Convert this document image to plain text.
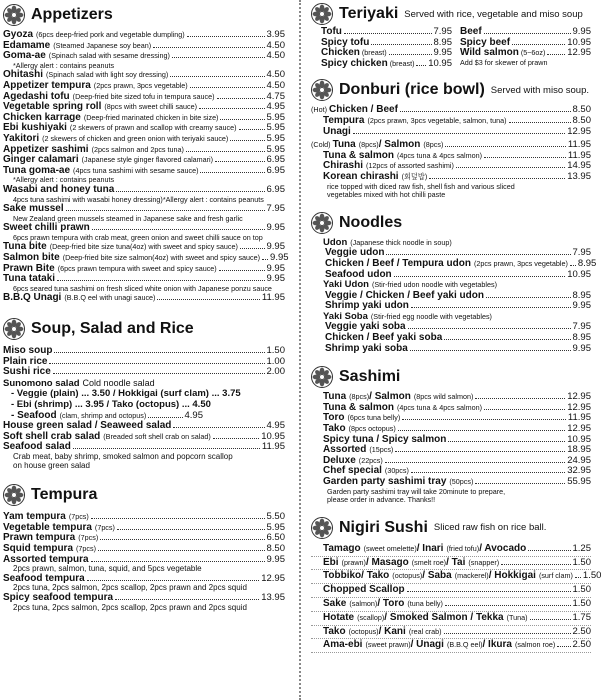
Appetizers
Gyoza (6pcs deep-fried pork and vegetable dumpling)	3.95
Edamame (Steamed Japanese soy bean)	4.50
Goma-ae (Spinach salad with sesame dressing)	4.50
*Allergy alert : contains peanuts
Ohitashi (Spinach salad with light soy dressing)	4.50
Appetizer tempura (2pcs prawn, 3pcs vegetable)	4.50
Agedashi tofu (Deep-fried bite sized tofu in tempura sauce)	4.75
Vegetable spring roll (8pcs with sweet chilli sauce)	4.95
Chicken karrage (Deep-fried marinated chicken in bite size)	5.95
Ebi kushiyaki (2 skewers of prawn and scallop with creamy sauce)	5.95
Yakitori (2 skewers of chicken and green onion with teriyaki sauce)	5.95
Appetizer sashimi (2pcs salmon and 2pcs tuna)	5.95
Ginger calamari (Japanese style ginger flavored calamari)	6.95
Tuna goma-ae (4pcs tuna sashimi with sesame sauce)	6.95
*Allergy alert : contains peanuts
Wasabi and honey tuna	6.95
4pcs tuna sashimi with wasabi honey dressing)*Allergy alert : contains peanuts
Sake mussel	7.95
New Zealand green mussels steamed in Japanese sake and fresh garlic
Sweet chilli prawn	9.95
6pcs prawn tempura with crab meat, green onion and sweet chilli sauce on top
Tuna bite (Deep-fried bite size tuna(4oz) with sweet and spicy sauce)	9.95
Salmon bite (Deep-fried bite size salmon(4oz) with sweet and spicy sauce) 9.95
Prawn Bite (6pcs prawn tempura with sweet and spicy sauce)	9.95
Tuna tataki	9.95
6pcs seared tuna sashimi on fresh sliced white onion with Japanese ponzu sauce
B.B.Q Unagi (B.B.Q eel with unagi sauce)	11.95
Soup, Salad and Rice
Miso soup	1.50
Plain rice	1.00
Sushi rice	2.00
Sunomono salad Cold noodle salad
- Veggie (plain) ... 3.50 / Hokkigai (surf clam) ... 3.75
- Ebi (shrimp) ... 3.95 / Tako (octopus) ... 4.50
- Seafood (clam, shrimp and octopus)	4.95
House green salad / Seaweed salad	4.95
Soft shell crab salad (Breaded soft shell crab on salad)	10.95
Seafood salad	11.95
Crab meat, baby shrimp, smoked salmon and popcorn scallop
on house green salad
Tempura
Yam tempura (7pcs)	5.50
Vegetable tempura (7pcs)	5.95
Prawn tempura (7pcs)	6.50
Squid tempura (7pcs)	8.50
Assorted tempura	9.95
2pcs prawn, salmon, tuna, squid, and 5pcs vegetable
Seafood tempura	12.95
2pcs tuna, 2pcs salmon, 2pcs scallop, 2pcs prawn and 2pcs squid
Spicy seafood tempura	13.95
2pcs tuna, 2pcs salmon, 2pcs scallop, 2pcs prawn and 2pcs squid
Teriyaki Served with rice, vegetable and miso soup
Tofu	7.95
Spicy tofu	8.95
Chicken (breast)	9.95
Spicy chicken (breast) 10.95
Beef	9.95
Spicy beef	10.95
Wild salmon (5~6oz) 12.95
Add $3 for skewer of prawn
Donburi (rice bowl) Served with miso soup.
(Hot) Chicken / Beef	8.50
Tempura (2pcs prawn, 3pcs vegetable, salmon, tuna)	8.50
Unagi	12.95
(Cold) Tuna (8pcs) / Salmon (8pcs)	11.95
Tuna & salmon (4pcs tuna & 4pcs salmon)	11.95
Chirashi (12pcs of assorted sashimi)	14.95
Korean chirashi (회덮밥)	13.95
rice topped with diced raw fish, shell fish and various sliced
vegetables mixed with hot chilli paste
Noodles
Udon (Japanese thick noodle in soup)
Veggie udon	7.95
Chicken / Beef / Tempura udon (2pcs prawn, 3pcs vegetable) 8.95
Seafood udon	10.95
Yaki Udon (Stir-fried udon noodle with vegetables)
Veggie / Chicken / Beef yaki udon	8.95
Shrimp yaki udon	9.95
Yaki Soba (Stir-fried egg noodle with vegetables)
Veggie yaki soba	7.95
Chicken / Beef yaki soba	8.95
Shrimp yaki soba	9.95
Sashimi
Tuna (8pcs) / Salmon (8pcs wild salmon)	12.95
Tuna & salmon (4pcs tuna & 4pcs salmon)	12.95
Toro (6pcs tuna belly)	11.95
Tako (8pcs octopus)	12.95
Spicy tuna / Spicy salmon	10.95
Assorted (15pcs)	18.95
Deluxe (22pcs)	24.95
Chef special (30pcs)	32.95
Garden party sashimi tray (50pcs)	55.95
Garden party sashimi tray will take 20minute to prepare,
please order in advance. Thanks!!
Nigiri Sushi Sliced raw fish on rice ball.
Tamago (sweet omelette) / Inari (fried tofu) / Avocado	1.25
Ebi (prawn) / Masago (smelt roe) / Tai (snapper)	1.50
Tobbiko / Tako (octopus) / Saba (mackerel) / Hokkigai (surf clam) 1.50
Chopped Scallop	1.50
Sake (salmon) / Toro (tuna belly)	1.50
Hotate (scallop) / Smoked Salmon / Tekka (Tuna)	1.75
Tako (octopus) / Kani (real crab)	2.50
Ama-ebi (sweet prawn) / Unagi (B.B.Q eel) / Ikura (salmon roe) 2.50
